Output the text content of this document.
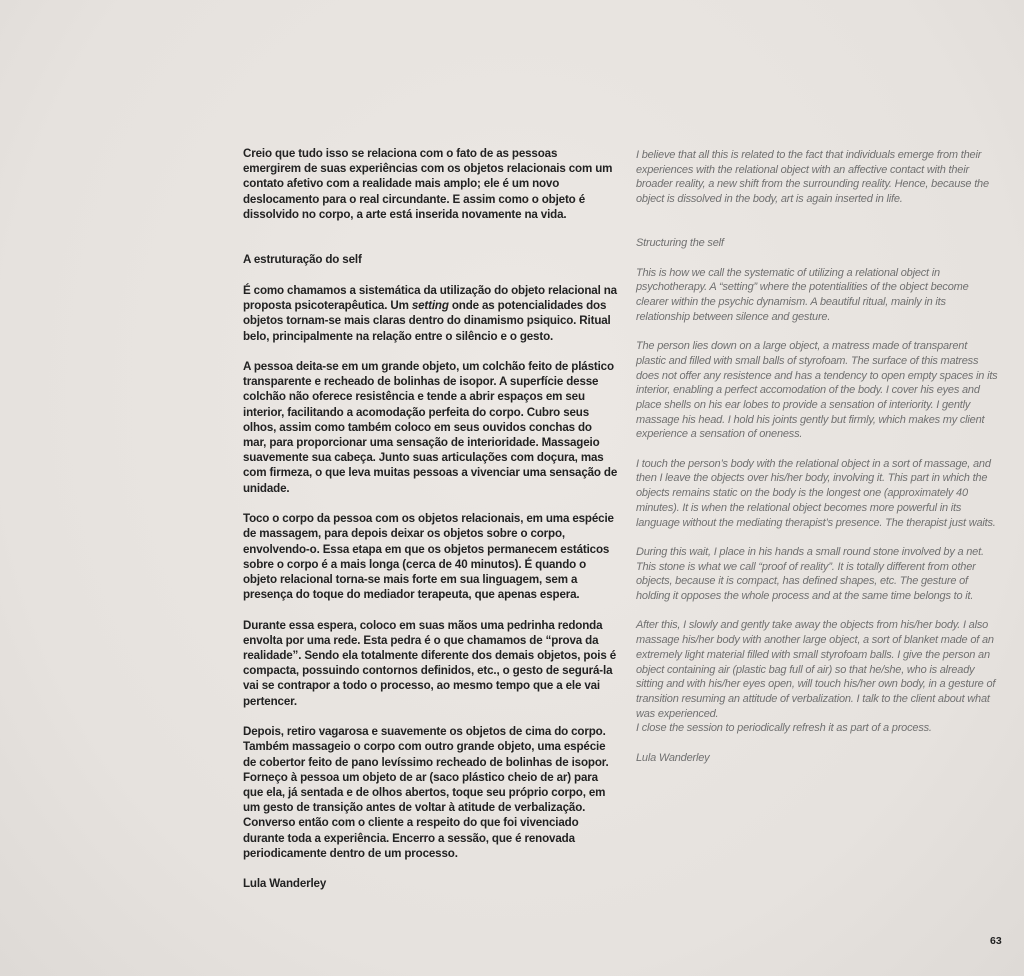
Creio que tudo isso se relaciona com o fato de as pessoas emergirem de suas experiências com os objetos relacionais com um contato afetivo com a realidade mais amplo; ele é um novo deslocamento para o real circundante. E assim como o objeto é dissolvido no corpo, a arte está inserida novamente na vida.

A estruturação do self

É como chamamos a sistemática da utilização do objeto relacional na proposta psicoterapêutica. Um setting onde as potencialidades dos objetos tornam-se mais claras dentro do dinamismo psiquico. Ritual belo, principalmente na relação entre o silêncio e o gesto.

A pessoa deita-se em um grande objeto, um colchão feito de plástico transparente e recheado de bolinhas de isopor. A superfície desse colchão não oferece resistência e tende a abrir espaços em seu interior, facilitando a acomodação perfeita do corpo. Cubro seus olhos, assim como também coloco em seus ouvidos conchas do mar, para proporcionar uma sensação de interioridade. Massageio suavemente sua cabeça. Junto suas articulações com doçura, mas com firmeza, o que leva muitas pessoas a vivenciar uma sensação de unidade.

Toco o corpo da pessoa com os objetos relacionais, em uma espécie de massagem, para depois deixar os objetos sobre o corpo, envolvendo-o. Essa etapa em que os objetos permanecem estáticos sobre o corpo é a mais longa (cerca de 40 minutos). É quando o objeto relacional torna-se mais forte em sua linguagem, sem a presença do toque do mediador terapeuta, que apenas espera.

Durante essa espera, coloco em suas mãos uma pedrinha redonda envolta por uma rede. Esta pedra é o que chamamos de “prova da realidade”. Sendo ela totalmente diferente dos demais objetos, pois é compacta, possuindo contornos definidos, etc., o gesto de segurá-la vai se contrapor a todo o processo, ao mesmo tempo que a ele vai pertencer.

Depois, retiro vagarosa e suavemente os objetos de cima do corpo. Também massageio o corpo com outro grande objeto, uma espécie de cobertor feito de pano levíssimo recheado de bolinhas de isopor. Forneço à pessoa um objeto de ar (saco plástico cheio de ar) para que ela, já sentada e de olhos abertos, toque seu próprio corpo, em um gesto de transição antes de voltar à atitude de verbalização. Converso então com o cliente a respeito do que foi vivenciado durante toda a experiência. Encerro a sessão, que é renovada periodicamente dentro de um processo.

Lula Wanderley

I believe that all this is related to the fact that individuals emerge from their experiences with the relational object with an affective contact with their broader reality, a new shift from the surrounding reality. Hence, because the object is dissolved in the body, art is again inserted in life.

Structuring the self

This is how we call the systematic of utilizing a relational object in psychotherapy. A “setting” where the potentialities of the object become clearer within the psychic dynamism. A beautiful ritual, mainly in its relationship between silence and gesture.

The person lies down on a large object, a matress made of transparent plastic and filled with small balls of styrofoam. The surface of this matress does not offer any resistence and has a tendency to open empty spaces in its interior, enabling a perfect accomodation of the body. I cover his eyes and place shells on his ear lobes to provide a sensation of interiority. I gently massage his head. I hold his joints gently but firmly, which makes my client experience a sensation of oneness.

I touch the person’s body with the relational object in a sort of massage, and then I leave the objects over his/her body, involving it. This part in which the objects remains static on the body is the longest one (approximately 40 minutes). It is when the relational object becomes more powerful in its language without the mediating therapist’s presence. The therapist just waits.

During this wait, I place in his hands a small round stone involved by a net. This stone is what we call “proof of reality”. It is totally different from other objects, because it is compact, has defined shapes, etc. The gesture of holding it opposes the whole process and at the same time belongs to it.

After this, I slowly and gently take away the objects from his/her body. I also massage his/her body with another large object, a sort of blanket made of an extremely light material filled with small styrofoam balls. I give the person an object containing air (plastic bag full of air) so that he/she, who is already sitting and with his/her eyes open, will touch his/her own body, in a gesture of transition resuming an attitude of verbalization. I talk to the client about what was experienced.

I close the session to periodically refresh it as part of a process.

Lula Wanderley

63
